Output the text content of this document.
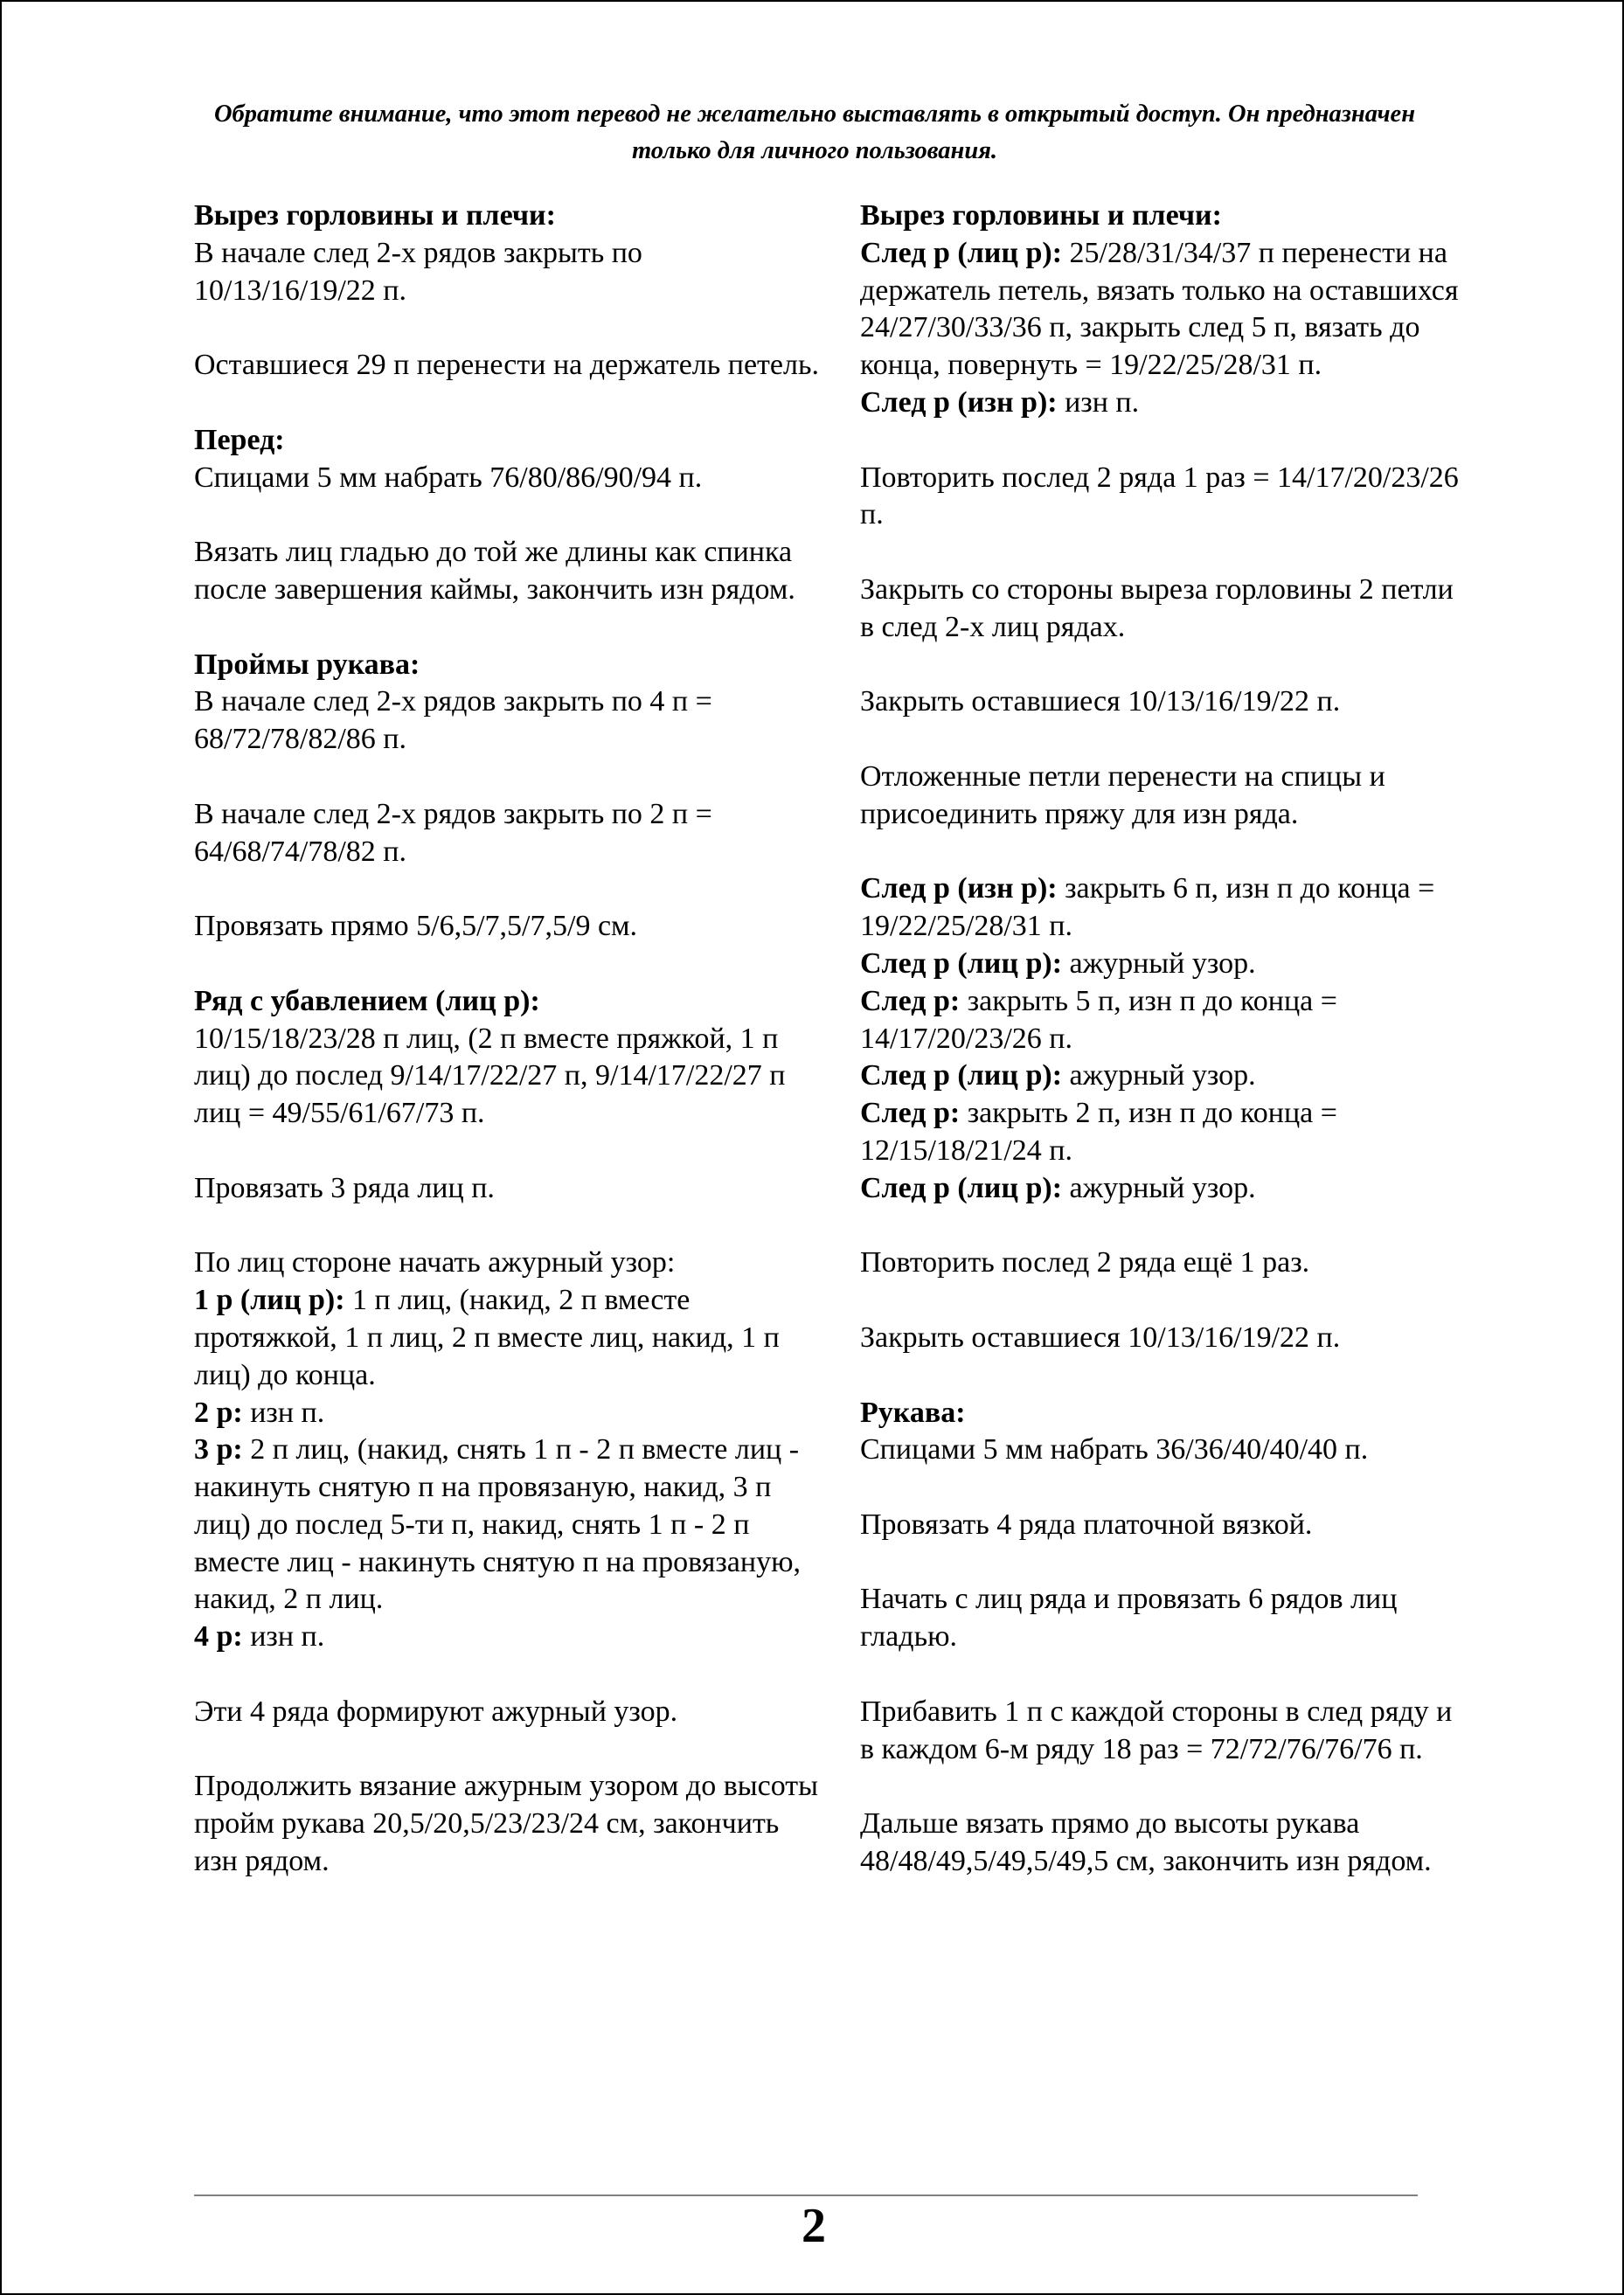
Обратите внимание, что этот перевод не желательно выставлять в открытый доступ. Он предназначен только для личного пользования.

Вырез горловины и плечи:
В начале след 2-х рядов закрыть по 10/13/16/19/22 п.

Оставшиеся 29 п перенести на держатель петель.

Перед:
Спицами 5 мм набрать 76/80/86/90/94 п.

Вязать лиц гладью до той же длины как спинка после завершения каймы, закончить изн рядом.

Проймы рукава:
В начале след 2-х рядов закрыть по 4 п = 68/72/78/82/86 п.

В начале след 2-х рядов закрыть по 2 п = 64/68/74/78/82 п.

Провязать прямо 5/6,5/7,5/7,5/9 см.

Ряд с убавлением (лиц р):
10/15/18/23/28 п лиц, (2 п вместе пряжкой, 1 п лиц) до послед 9/14/17/22/27 п, 9/14/17/22/27 п лиц = 49/55/61/67/73 п.

Провязать 3 ряда лиц п.

По лиц стороне начать ажурный узор:
1 р (лиц р): 1 п лиц, (накид, 2 п вместе протяжкой, 1 п лиц, 2 п вместе лиц, накид, 1 п лиц) до конца.
2 р: изн п.
3 р: 2 п лиц, (накид, снять 1 п - 2 п вместе лиц - накинуть снятую п на провязаную, накид, 3 п лиц) до послед 5-ти п, накид, снять 1 п - 2 п вместе лиц - накинуть снятую п на провязаную, накид, 2 п лиц.
4 р: изн п.

Эти 4 ряда формируют ажурный узор.

Продолжить вязание ажурным узором до высоты пройм рукава 20,5/20,5/23/23/24 см, закончить изн рядом.

Вырез горловины и плечи:
След р (лиц р): 25/28/31/34/37 п перенести на держатель петель, вязать только на оставшихся 24/27/30/33/36 п, закрыть след 5 п, вязать до конца, повернуть = 19/22/25/28/31 п.
След р (изн р): изн п.

Повторить послед 2 ряда 1 раз = 14/17/20/23/26 п.

Закрыть со стороны выреза горловины 2 петли в след 2-х лиц рядах.

Закрыть оставшиеся 10/13/16/19/22 п.

Отложенные петли перенести на спицы и присоединить пряжу для изн ряда.

След р (изн р): закрыть 6 п, изн п до конца = 19/22/25/28/31 п.
След р (лиц р): ажурный узор.
След р: закрыть 5 п, изн п до конца = 14/17/20/23/26 п.
След р (лиц р): ажурный узор.
След р: закрыть 2 п, изн п до конца = 12/15/18/21/24 п.
След р (лиц р): ажурный узор.

Повторить послед 2 ряда ещё 1 раз.

Закрыть оставшиеся 10/13/16/19/22 п.

Рукава:
Спицами 5 мм набрать 36/36/40/40/40 п.

Провязать 4 ряда платочной вязкой.

Начать с лиц ряда и провязать 6 рядов лиц гладью.

Прибавить 1 п с каждой стороны в след ряду и в каждом 6-м ряду 18 раз = 72/72/76/76/76 п.

Дальше вязать прямо до высоты рукава 48/48/49,5/49,5/49,5 см, закончить изн рядом.

2
